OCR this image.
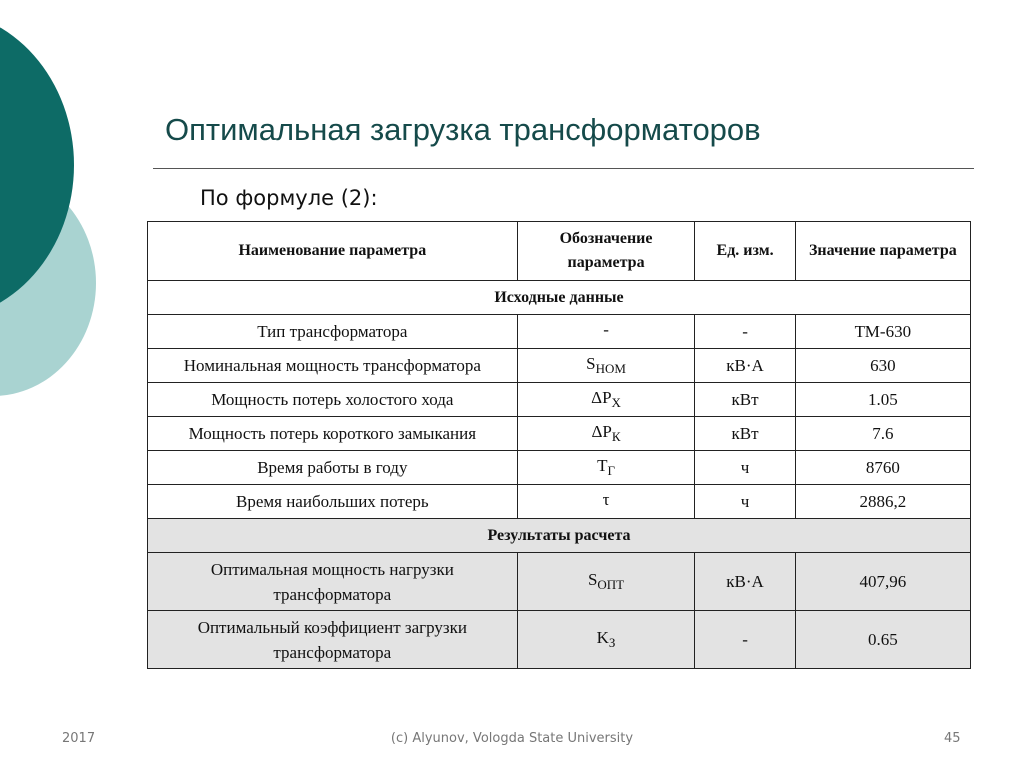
Оптимальная загрузка трансформаторов
По формуле (2):
Наименование параметра	Обозначение параметра	Ед. изм.	Значение параметра
Исходные данные			
Тип трансформатора	-	-	ТМ-630
Номинальная мощность трансформатора	$S_{НОМ}$	кВ·А	630
Мощность потерь холостого хода	$\Delta P_Х$	кВт	1.05
Мощность потерь короткого замыкания	$\Delta P_К$	кВт	7.6
Время работы в году	$T_Г$	ч	8760
Время наибольших потерь	τ	ч	2886,2
Результаты расчета			
Оптимальная мощность нагрузки
трансформатора	$S_{ОПТ}$	кВ·А	407,96
Оптимальный коэффициент загрузки
трансформатора	$K_З$	-	0.65
2017	(c) Alyunov, Vologda State University	45
